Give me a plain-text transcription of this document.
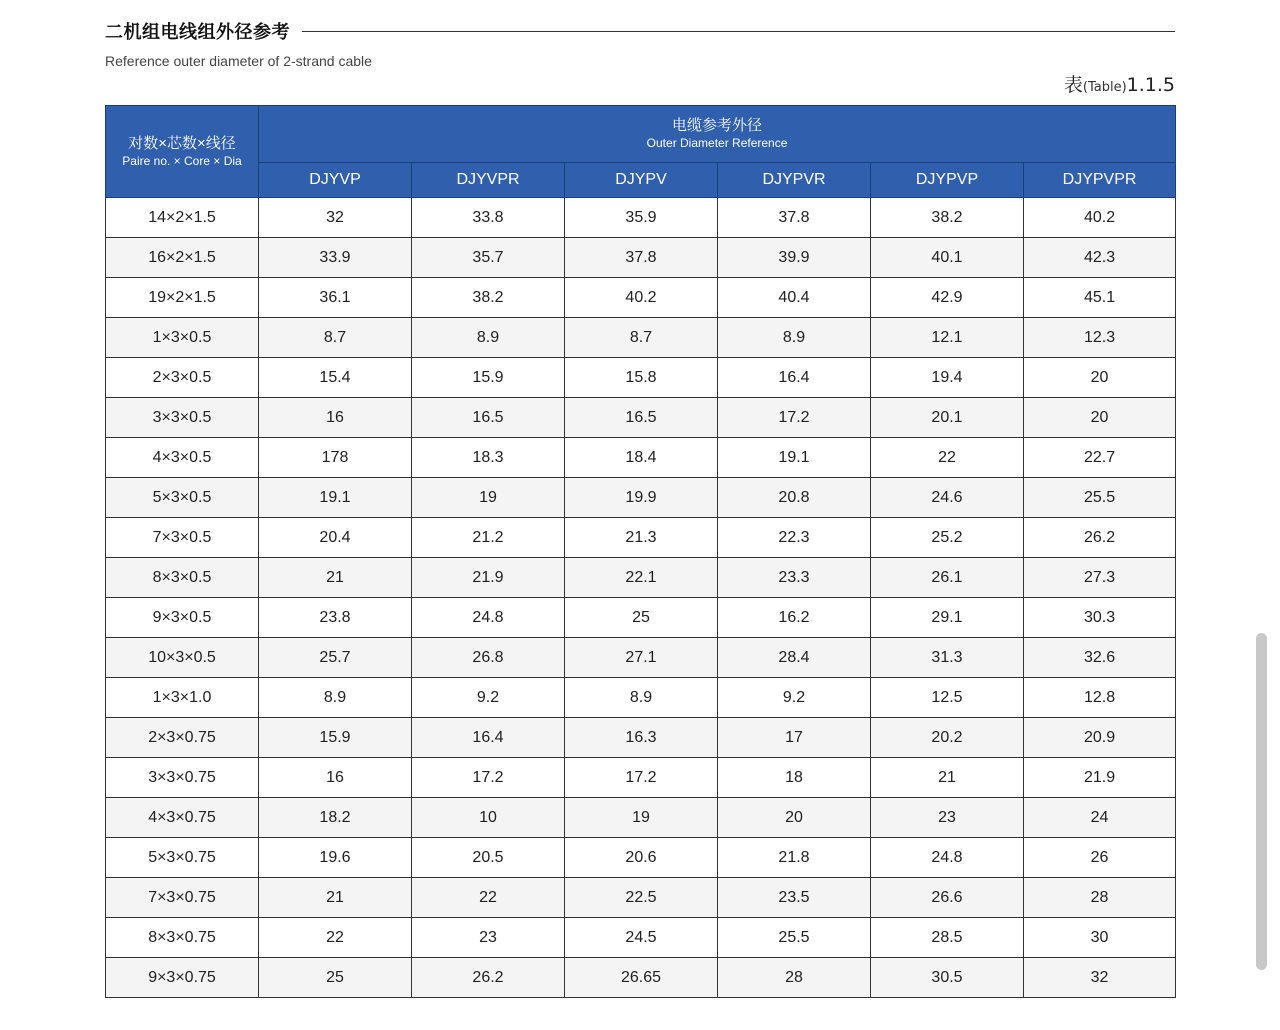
二机组电线组外径参考
Reference outer diameter of 2-strand cable
表(Table)1.1.5
对数×芯数×线径
Paire no. × Core × Dia	电缆参考外径
Outer Diameter Reference					

	DJYVP	DJYVPR	DJYPV	DJYPVR	DJYPVP	DJYPVPR
14×2×1.5	32	33.8	35.9	37.8	38.2	40.2
16×2×1.5	33.9	35.7	37.8	39.9	40.1	42.3
19×2×1.5	36.1	38.2	40.2	40.4	42.9	45.1
1×3×0.5	8.7	8.9	8.7	8.9	12.1	12.3
2×3×0.5	15.4	15.9	15.8	16.4	19.4	20
3×3×0.5	16	16.5	16.5	17.2	20.1	20
4×3×0.5	178	18.3	18.4	19.1	22	22.7
5×3×0.5	19.1	19	19.9	20.8	24.6	25.5
7×3×0.5	20.4	21.2	21.3	22.3	25.2	26.2
8×3×0.5	21	21.9	22.1	23.3	26.1	27.3
9×3×0.5	23.8	24.8	25	16.2	29.1	30.3
10×3×0.5	25.7	26.8	27.1	28.4	31.3	32.6
1×3×1.0	8.9	9.2	8.9	9.2	12.5	12.8
2×3×0.75	15.9	16.4	16.3	17	20.2	20.9
3×3×0.75	16	17.2	17.2	18	21	21.9
4×3×0.75	18.2	10	19	20	23	24
5×3×0.75	19.6	20.5	20.6	21.8	24.8	26
7×3×0.75	21	22	22.5	23.5	26.6	28
8×3×0.75	22	23	24.5	25.5	28.5	30
9×3×0.75	25	26.2	26.65	28	30.5	32
